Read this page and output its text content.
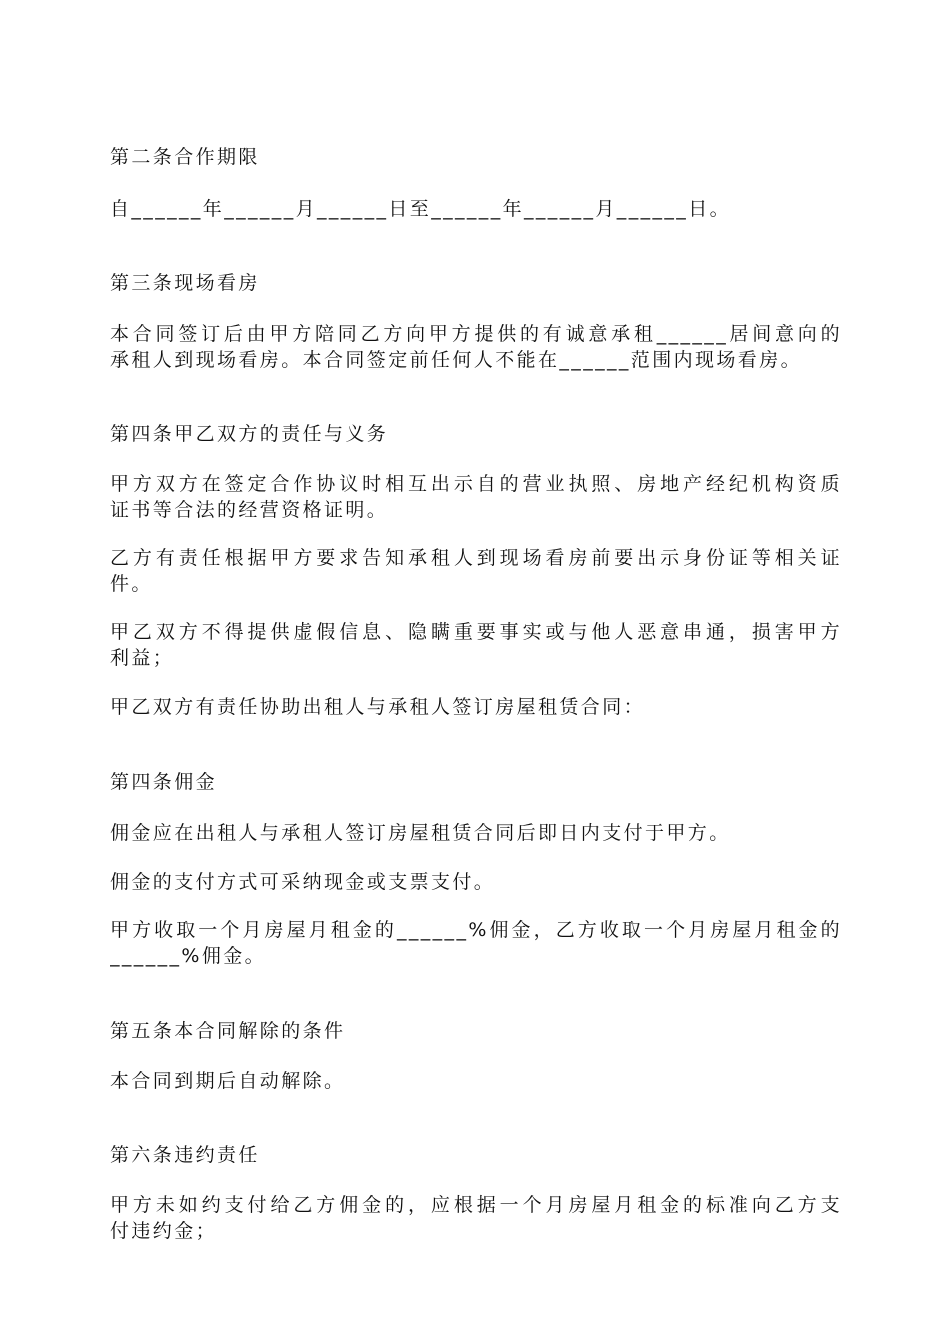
第二条合作期限
自______年______月______日至______年______月______日。
第三条现场看房
本合同签订后由甲方陪同乙方向甲方提供的有诚意承租______居间意向的
承租人到现场看房。本合同签定前任何人不能在______范围内现场看房。
第四条甲乙双方的责任与义务
甲方双方在签定合作协议时相互出示自的营业执照、房地产经纪机构资质
证书等合法的经营资格证明。
乙方有责任根据甲方要求告知承租人到现场看房前要出示身份证等相关证
件。
甲乙双方不得提供虚假信息、隐瞒重要事实或与他人恶意串通，损害甲方
利益；
甲乙双方有责任协助出租人与承租人签订房屋租赁合同：
第四条佣金
佣金应在出租人与承租人签订房屋租赁合同后即日内支付于甲方。
佣金的支付方式可采纳现金或支票支付。
甲方收取一个月房屋月租金的______%佣金，乙方收取一个月房屋月租金的
______%佣金。
第五条本合同解除的条件
本合同到期后自动解除。
第六条违约责任
甲方未如约支付给乙方佣金的，应根据一个月房屋月租金的标准向乙方支
付违约金；
